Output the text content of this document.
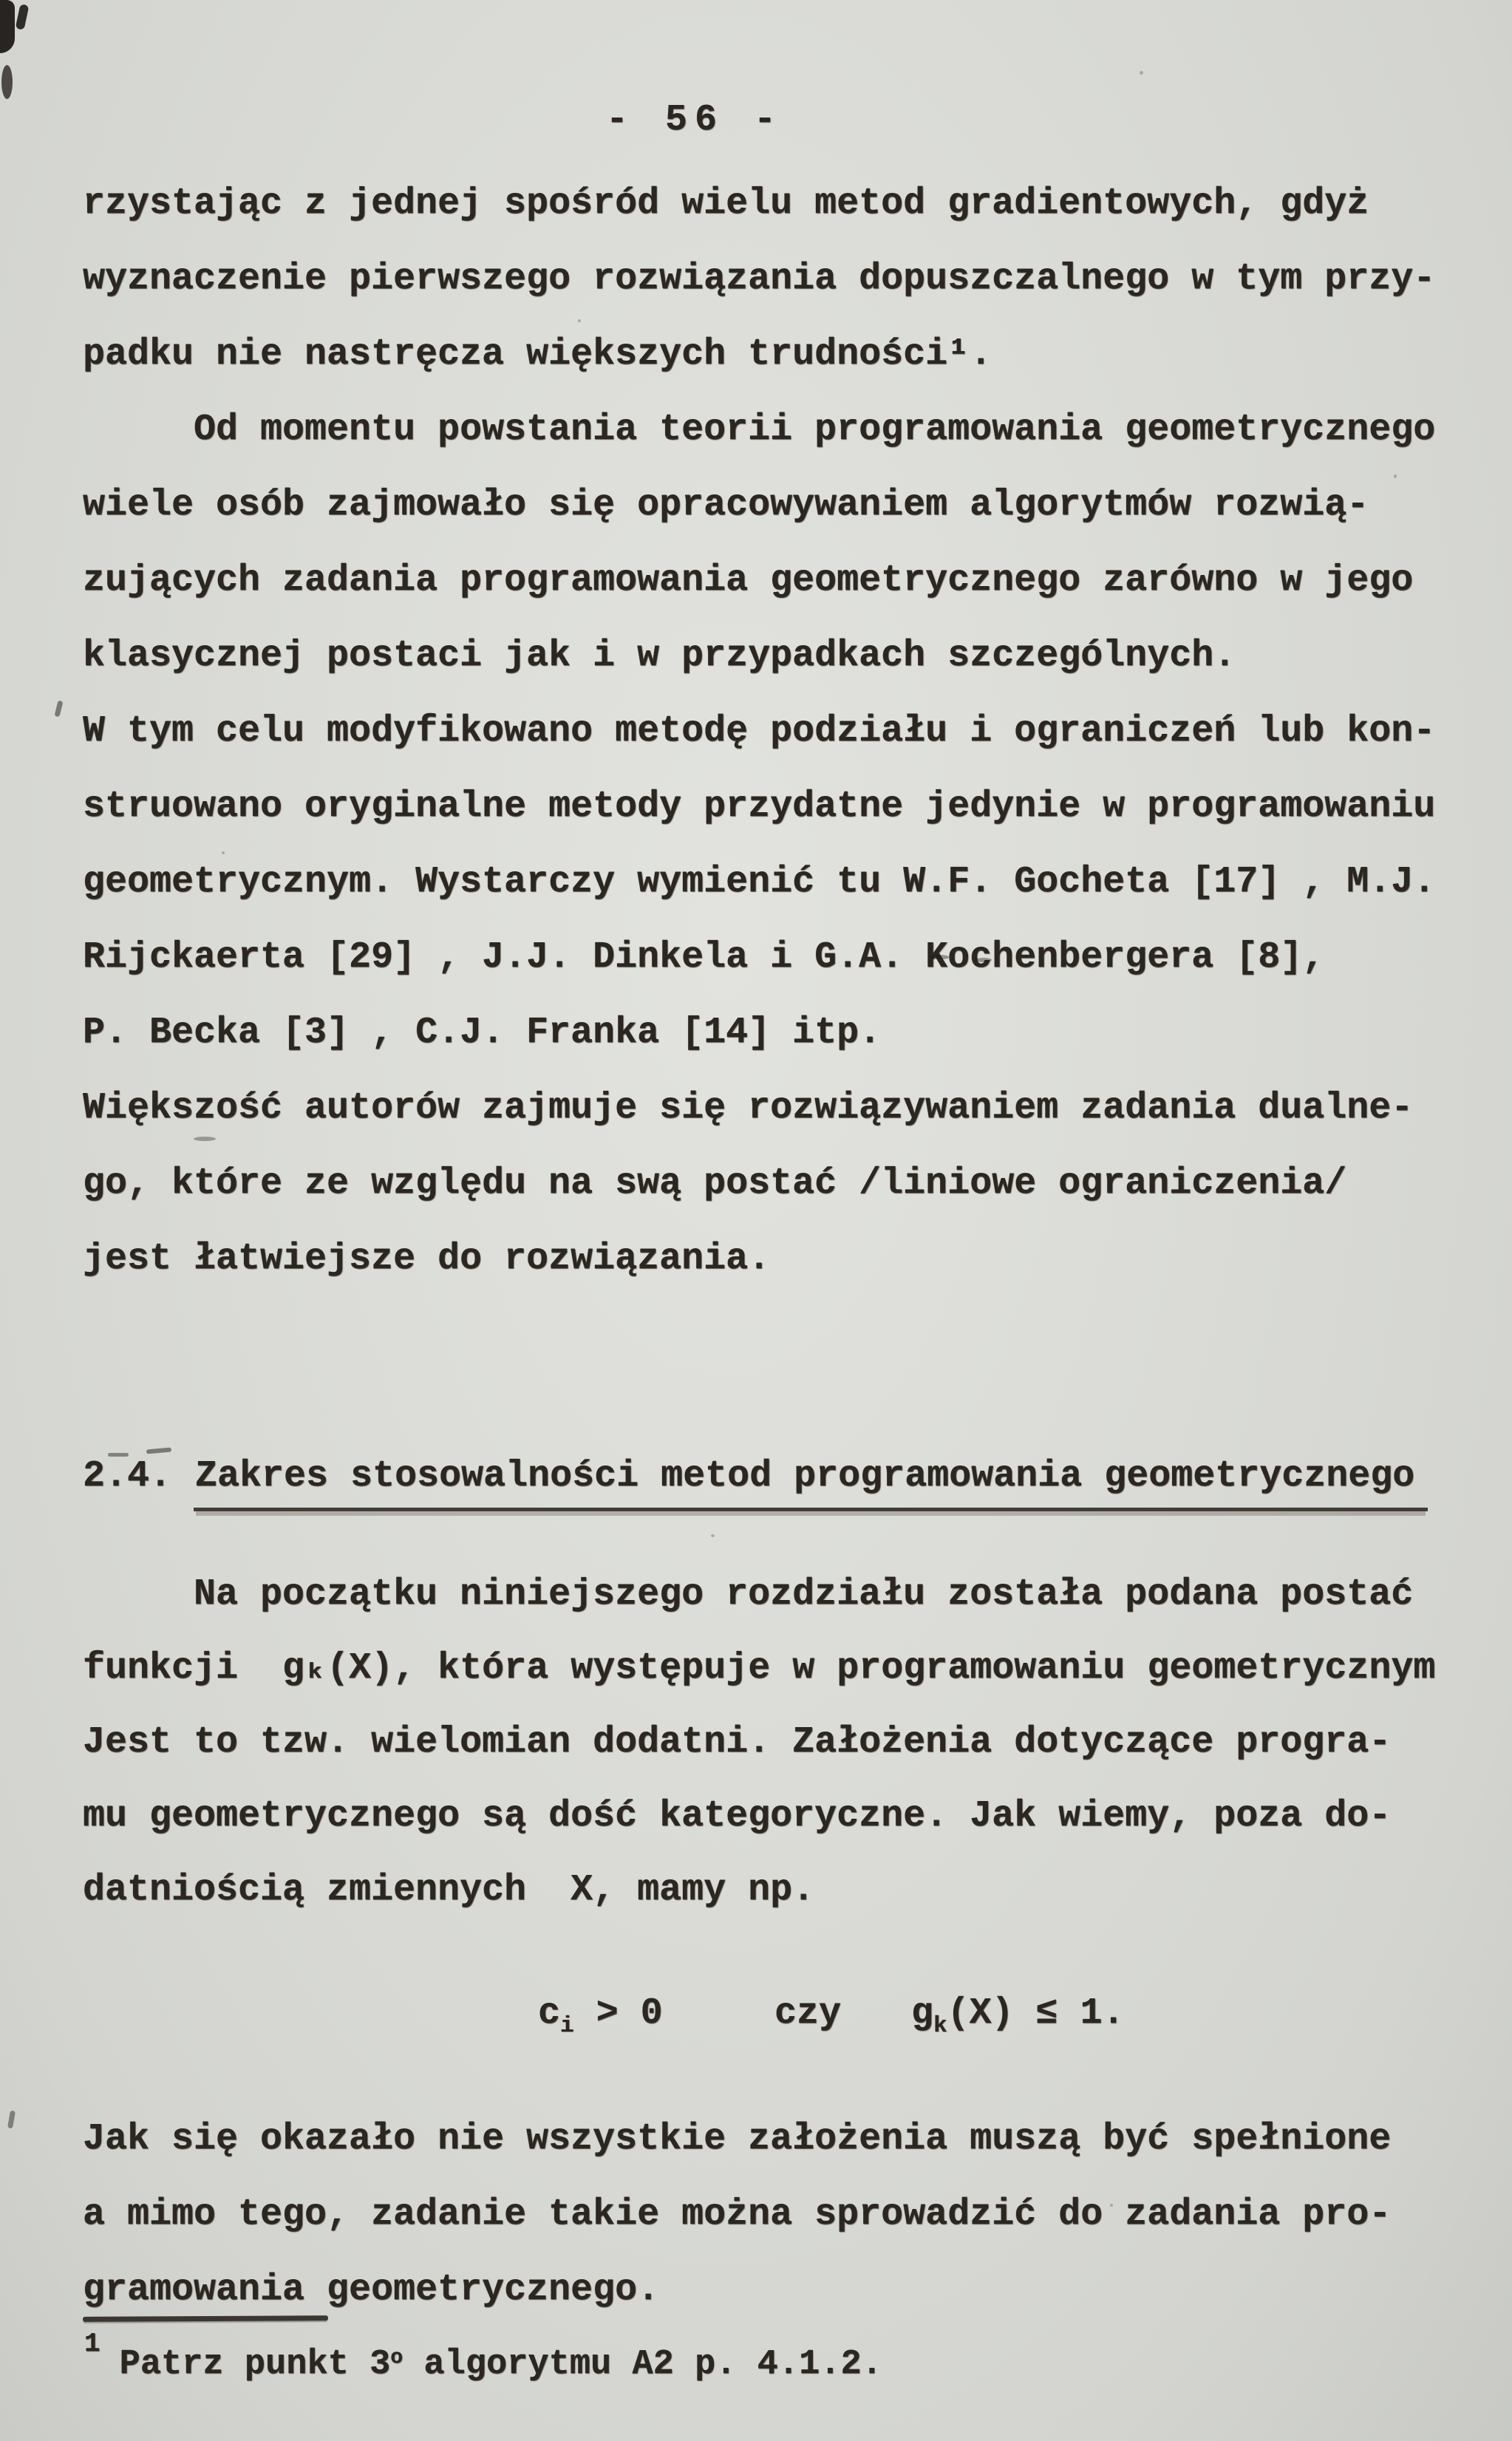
- 56 -
rzystając z jednej spośród wielu metod gradientowych, gdyż
wyznaczenie pierwszego rozwiązania dopuszczalnego w tym przy-
padku nie nastręcza większych trudności¹.
Od momentu powstania teorii programowania geometrycznego
wiele osób zajmowało się opracowywaniem algorytmów rozwią-
zujących zadania programowania geometrycznego zarówno w jego
klasycznej postaci jak i w przypadkach szczególnych.
W tym celu modyfikowano metodę podziału i ograniczeń lub kon-
struowano oryginalne metody przydatne jedynie w programowaniu
geometrycznym. Wystarczy wymienić tu W.F. Gocheta [17] , M.J.
Rijckaerta [29] , J.J. Dinkela i G.A. Kochenbergera [8],
P. Becka [3] , C.J. Franka [14] itp.
Większość autorów zajmuje się rozwiązywaniem zadania dualne-
go, które ze względu na swą postać /liniowe ograniczenia/
jest łatwiejsze do rozwiązania.
2.4. Zakres stosowalności metod programowania geometrycznego
Na początku niniejszego rozdziału została podana postać
funkcji  gₖ(X), która występuje w programowaniu geometrycznym
Jest to tzw. wielomian dodatni. Założenia dotyczące progra-
mu geometrycznego są dość kategoryczne. Jak wiemy, poza do-
datniością zmiennych  X, mamy np.
$c_i > 0$	czy $g_k(X) \le 1$.
Jak się okazało nie wszystkie założenia muszą być spełnione
a mimo tego, zadanie takie można sprowadzić do zadania pro-
gramowania geometrycznego.
1
Patrz punkt 3$^o$ algorytmu A2 p. 4.1.2.
